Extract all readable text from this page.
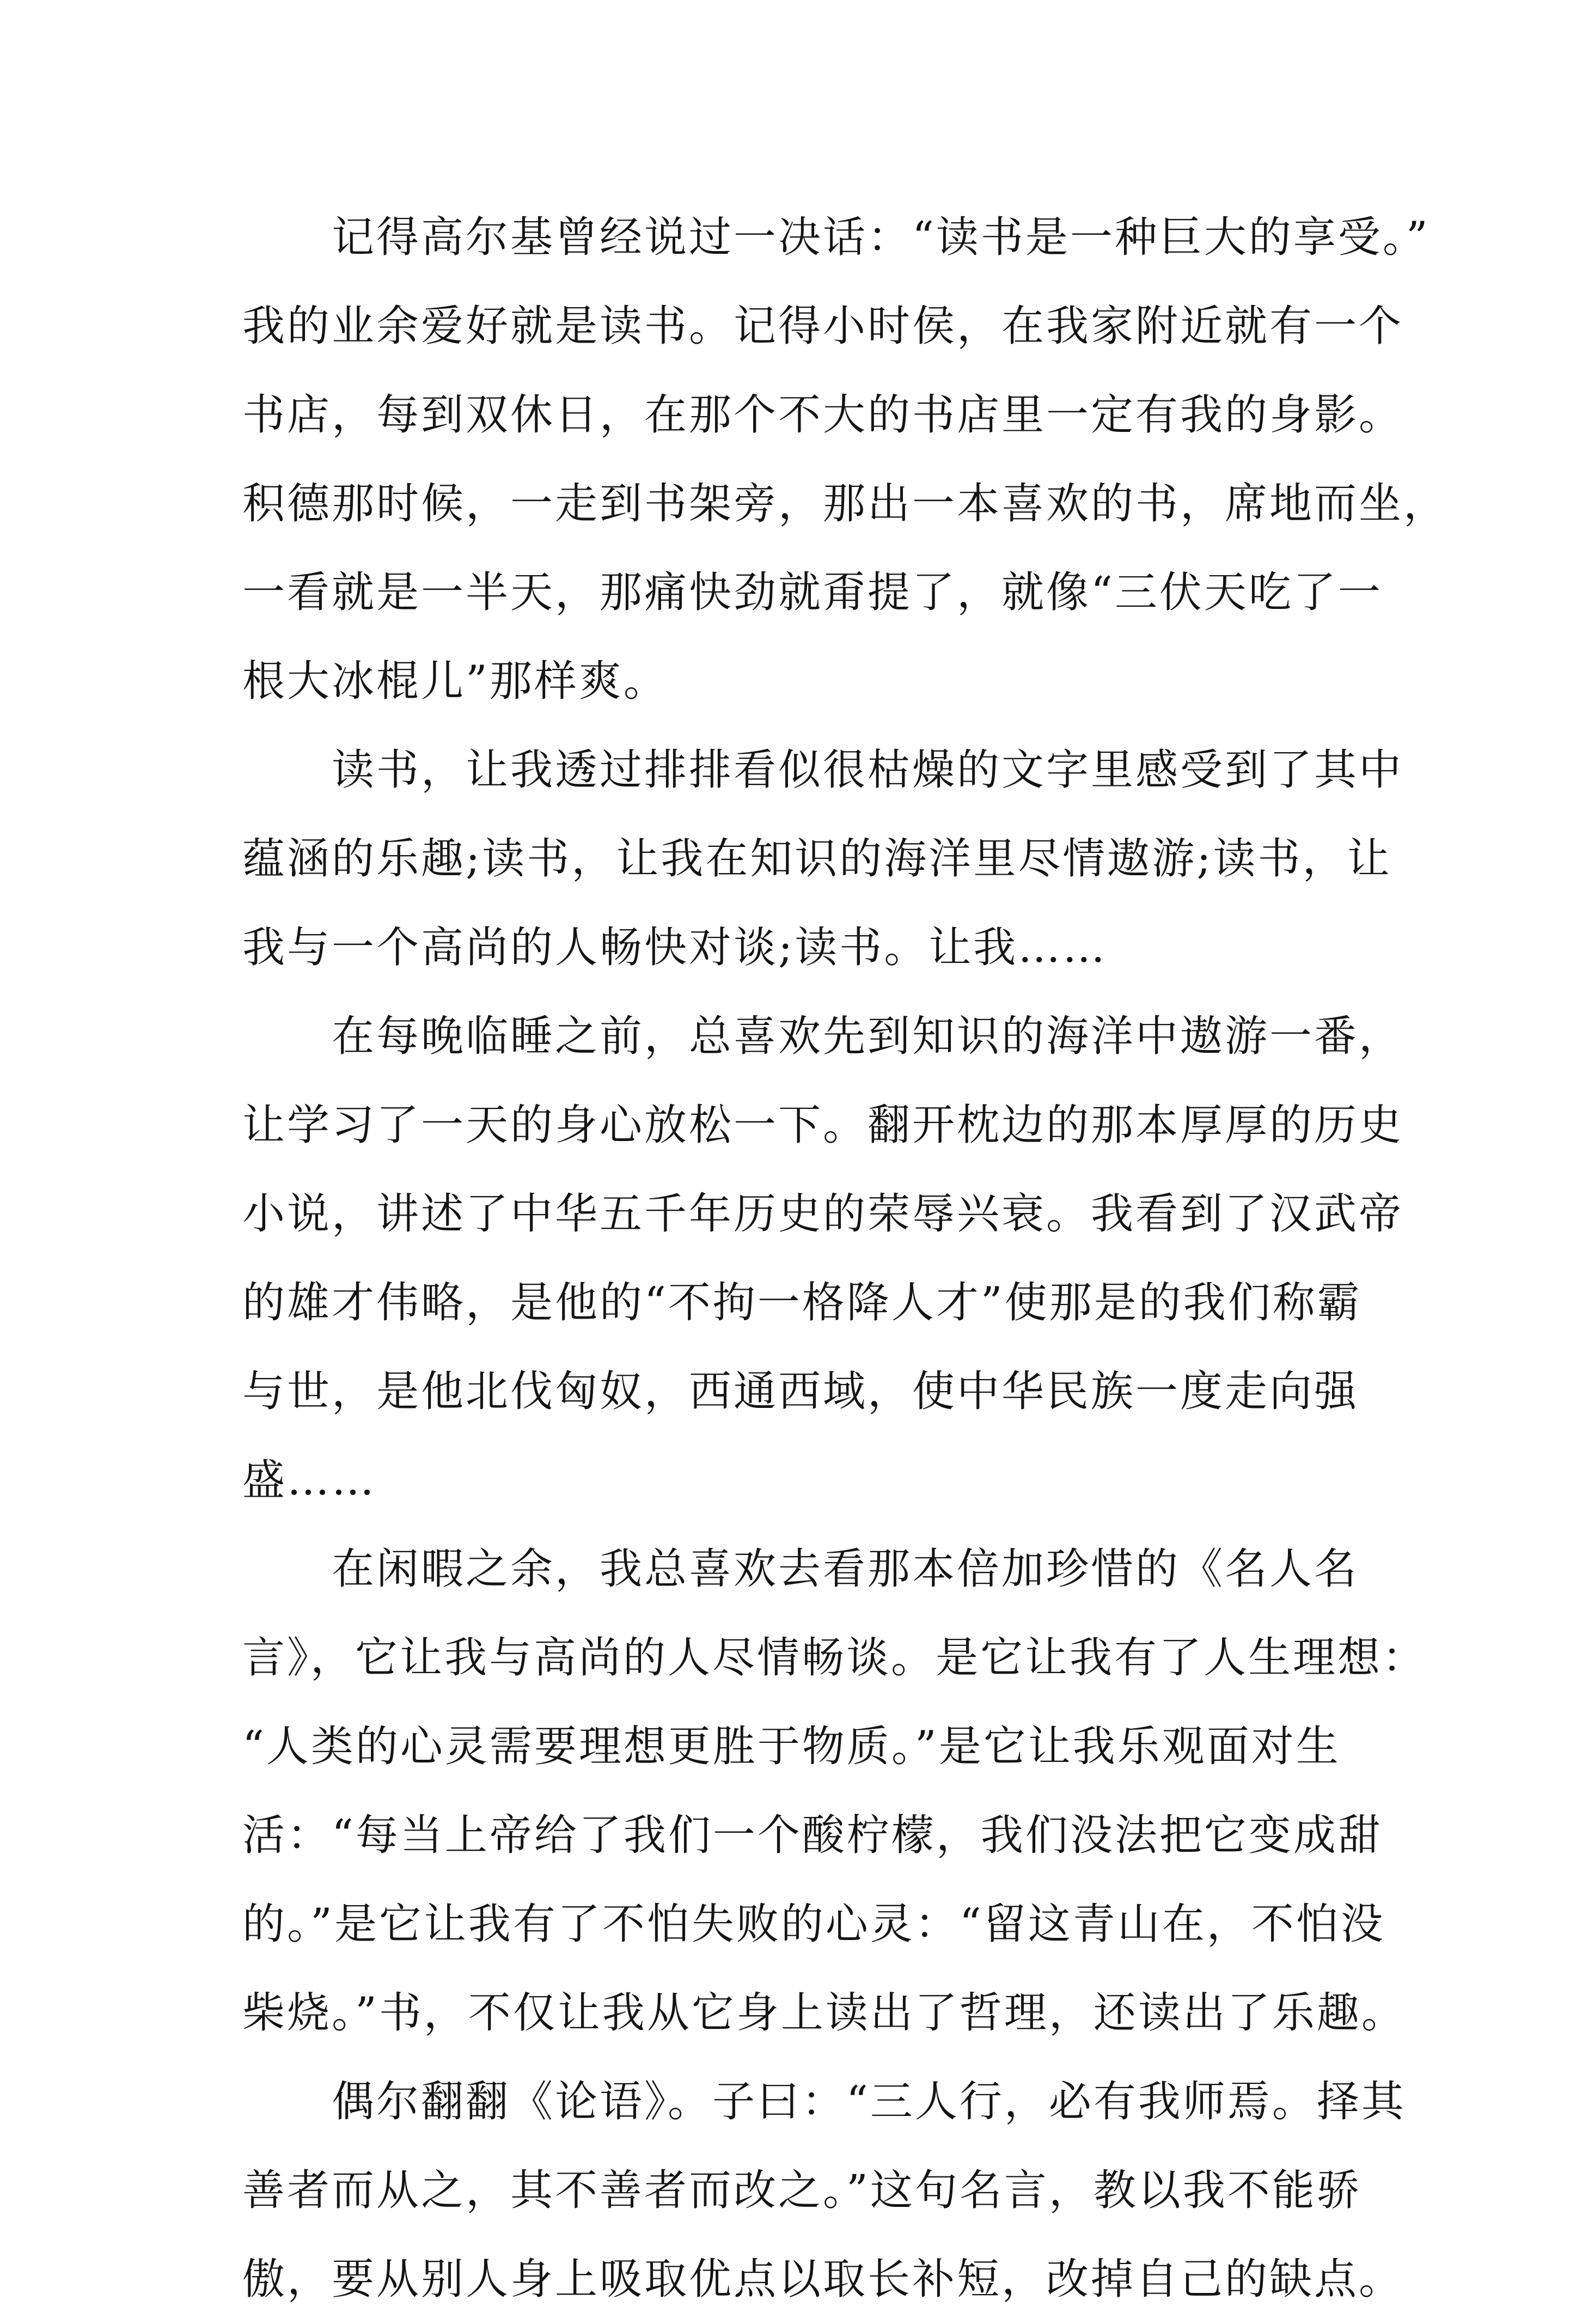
　　记得高尔基曾经说过一决话：“读书是一种巨大的享受。”
我的业余爱好就是读书。记得小时侯，在我家附近就有一个
书店，每到双休日，在那个不大的书店里一定有我的身影。
积德那时候，一走到书架旁，那出一本喜欢的书，席地而坐，
一看就是一半天，那痛快劲就甭提了，就像“三伏天吃了一
根大冰棍儿”那样爽。
　　读书，让我透过排排看似很枯燥的文字里感受到了其中
蕴涵的乐趣;读书，让我在知识的海洋里尽情遨游;读书，让
我与一个高尚的人畅快对谈;读书。让我……
　　在每晚临睡之前，总喜欢先到知识的海洋中遨游一番，
让学习了一天的身心放松一下。翻开枕边的那本厚厚的历史
小说，讲述了中华五千年历史的荣辱兴衰。我看到了汉武帝
的雄才伟略，是他的“不拘一格降人才”使那是的我们称霸
与世，是他北伐匈奴，西通西域，使中华民族一度走向强
盛……
　　在闲暇之余，我总喜欢去看那本倍加珍惜的《名人名
言》，它让我与高尚的人尽情畅谈。是它让我有了人生理想：
“人类的心灵需要理想更胜于物质。”是它让我乐观面对生
活：“每当上帝给了我们一个酸柠檬，我们没法把它变成甜
的。”是它让我有了不怕失败的心灵：“留这青山在，不怕没
柴烧。”书，不仅让我从它身上读出了哲理，还读出了乐趣。
　　偶尔翻翻《论语》。子曰：“三人行，必有我师焉。择其
善者而从之，其不善者而改之。”这句名言，教以我不能骄
傲，要从别人身上吸取优点以取长补短，改掉自己的缺点。
